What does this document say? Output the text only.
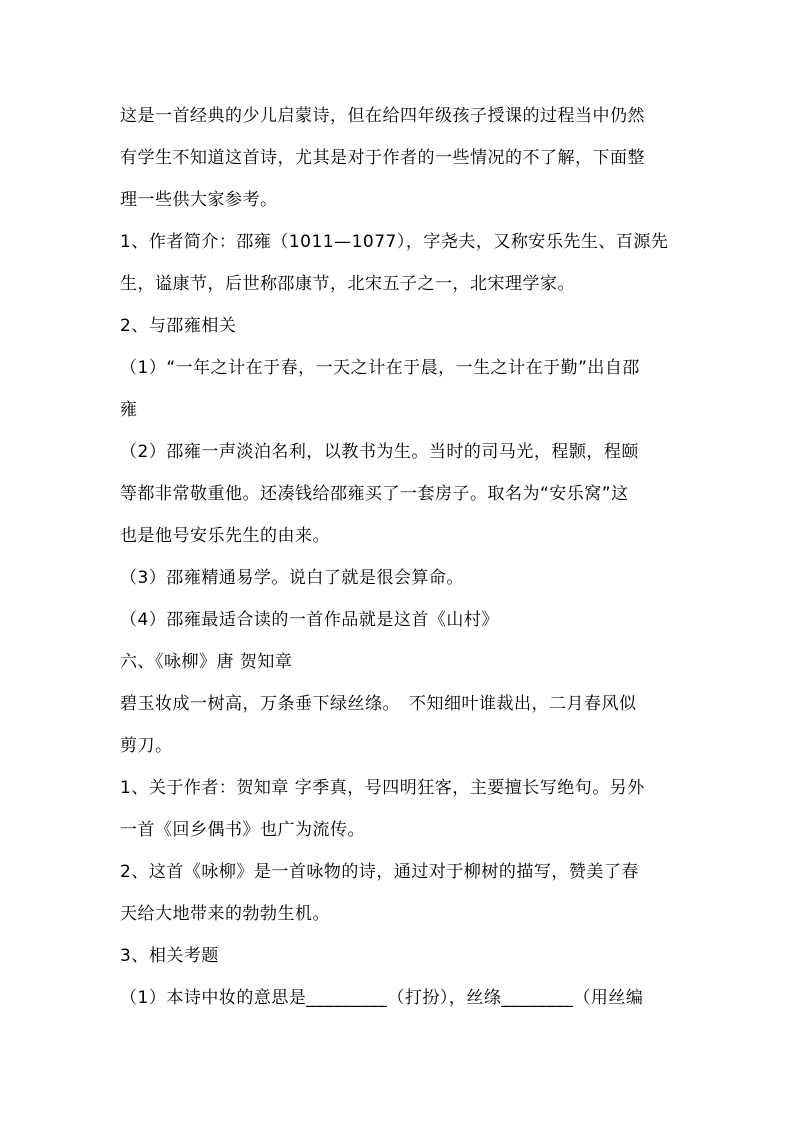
这是一首经典的少儿启蒙诗，但在给四年级孩子授课的过程当中仍然
有学生不知道这首诗，尤其是对于作者的一些情况的不了解，下面整
理一些供大家参考。
1、作者简介：邵雍（1011—1077），字尧夫，又称安乐先生、百源先
生，谥康节，后世称邵康节，北宋五子之一，北宋理学家。
2、与邵雍相关
（1）“一年之计在于春，一天之计在于晨，一生之计在于勤”出自邵
雍
（2）邵雍一声淡泊名利，以教书为生。当时的司马光，程颢，程颐
等都非常敬重他。还凑钱给邵雍买了一套房子。取名为“安乐窝”这
也是他号安乐先生的由来。
（3）邵雍精通易学。说白了就是很会算命。
（4）邵雍最适合读的一首作品就是这首《山村》
六、《咏柳》唐 贺知章
碧玉妆成一树高，万条垂下绿丝绦。　不知细叶谁裁出，二月春风似
剪刀。
1、关于作者：贺知章 字季真，号四明狂客，主要擅长写绝句。另外
一首《回乡偶书》也广为流传。
2、这首《咏柳》是一首咏物的诗，通过对于柳树的描写，赞美了春
天给大地带来的勃勃生机。
3、相关考题
（1）本诗中妆的意思是_________（打扮），丝绦________（用丝编
